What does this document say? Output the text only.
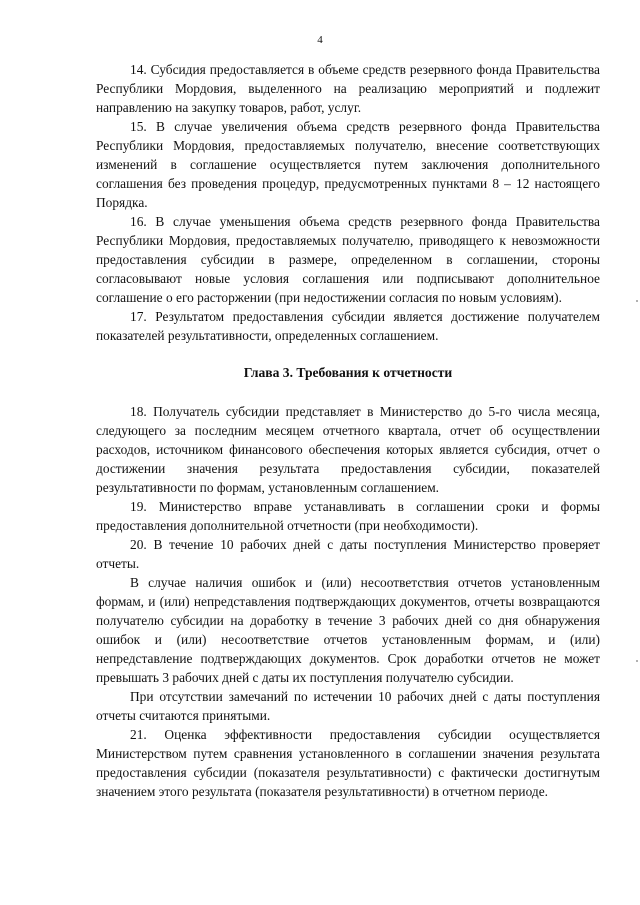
4

14. Субсидия предоставляется в объеме средств резервного фонда Правительства Республики Мордовия, выделенного на реализацию мероприятий и подлежит направлению на закупку товаров, работ, услуг.

15. В случае увеличения объема средств резервного фонда Правительства Республики Мордовия, предоставляемых получателю, внесение соответствующих изменений в соглашение осуществляется путем заключения дополнительного соглашения без проведения процедур, предусмотренных пунктами 8 – 12 настоящего Порядка.

16. В случае уменьшения объема средств резервного фонда Правительства Республики Мордовия, предоставляемых получателю, приводящего к невозможности предоставления субсидии в размере, определенном в соглашении, стороны согласовывают новые условия соглашения или подписывают дополнительное соглашение о его расторжении (при недостижении согласия по новым условиям).

17. Результатом предоставления субсидии является достижение получателем показателей результативности, определенных соглашением.

Глава 3. Требования к отчетности

18. Получатель субсидии представляет в Министерство до 5-го числа месяца, следующего за последним месяцем отчетного квартала, отчет об осуществлении расходов, источником финансового обеспечения которых является субсидия, отчет о достижении значения результата предоставления субсидии, показателей результативности по формам, установленным соглашением.

19. Министерство вправе устанавливать в соглашении сроки и формы предоставления дополнительной отчетности (при необходимости).

20. В течение 10 рабочих дней с даты поступления Министерство проверяет отчеты.

В случае наличия ошибок и (или) несоответствия отчетов установленным формам, и (или) непредставления подтверждающих документов, отчеты возвращаются получателю субсидии на доработку в течение 3 рабочих дней со дня обнаружения ошибок и (или) несоответствие отчетов установленным формам, и (или) непредставление подтверждающих документов. Срок доработки отчетов не может превышать 3 рабочих дней с даты их поступления получателю субсидии.

При отсутствии замечаний по истечении 10 рабочих дней с даты поступления отчеты считаются принятыми.

21. Оценка эффективности предоставления субсидии осуществляется Министерством путем сравнения установленного в соглашении значения результата предоставления субсидии (показателя результативности) с фактически достигнутым значением этого результата (показателя результативности) в отчетном периоде.
